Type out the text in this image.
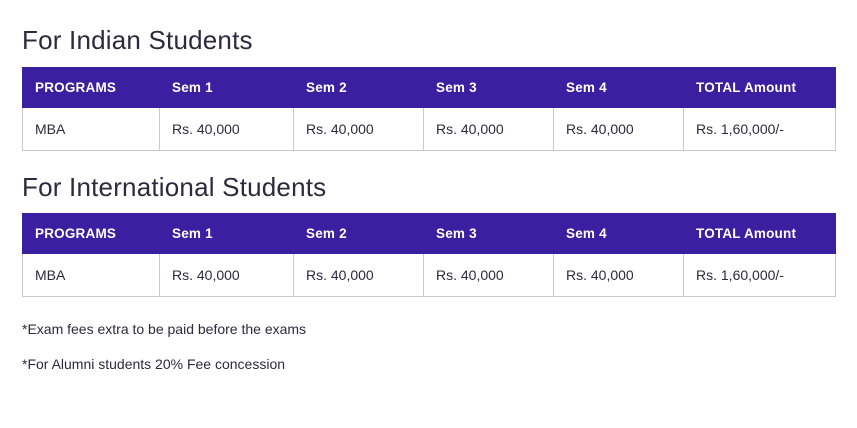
For Indian Students
PROGRAMS	Sem 1	Sem 2	Sem 3	Sem 4	TOTAL Amount
MBA	Rs. 40,000	Rs. 40,000	Rs. 40,000	Rs. 40,000	Rs. 1,60,000/-
For International Students
PROGRAMS	Sem 1	Sem 2	Sem 3	Sem 4	TOTAL Amount
MBA	Rs. 40,000	Rs. 40,000	Rs. 40,000	Rs. 40,000	Rs. 1,60,000/-

*Exam fees extra to be paid before the exams

*For Alumni students 20% Fee concession
